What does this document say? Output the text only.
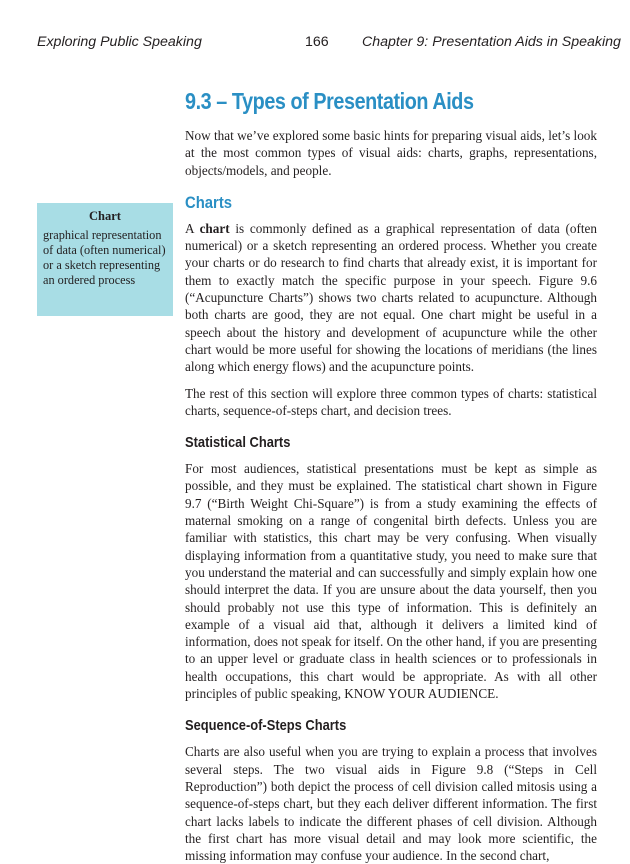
Exploring Public Speaking	166 Chapter 9: Presentation Aids in Speaking
Chart
graphical representation of data (often numerical) or a sketch representing an ordered process
9.3 – Types of Presentation Aids

Now that we’ve explored some basic hints for preparing visual aids, let’s look at the most common types of visual aids: charts, graphs, representations, objects/models, and people.

Charts

A chart is commonly defined as a graphical representation of data (often numerical) or a sketch representing an ordered process. Whether you create your charts or do research to find charts that already exist, it is important for them to exactly match the specific purpose in your speech. Figure 9.6 (“Acupuncture Charts”) shows two charts related to acupuncture. Although both charts are good, they are not equal. One chart might be useful in a speech about the history and development of acupuncture while the other chart would be more useful for showing the locations of meridians (the lines along which energy flows) and the acupuncture points.

The rest of this section will explore three common types of charts: statistical charts, sequence-of-steps chart, and decision trees.

Statistical Charts

For most audiences, statistical presentations must be kept as simple as possible, and they must be explained. The statistical chart shown in Figure 9.7 (“Birth Weight Chi-Square”) is from a study examining the effects of maternal smoking on a range of congenital birth defects. Unless you are familiar with statistics, this chart may be very confusing. When visually displaying information from a quantitative study, you need to make sure that you understand the material and can successfully and simply explain how one should interpret the data. If you are unsure about the data yourself, then you should probably not use this type of information. This is definitely an example of a visual aid that, although it delivers a limited kind of information, does not speak for itself. On the other hand, if you are presenting to an upper level or graduate class in health sciences or to professionals in health occupations, this chart would be appropriate. As with all other principles of public speaking, KNOW YOUR AUDIENCE.

Sequence-of-Steps Charts

Charts are also useful when you are trying to explain a process that involves several steps. The two visual aids in Figure 9.8 (“Steps in Cell Reproduction”) both depict the process of cell division called mitosis using a sequence-of-steps chart, but they each deliver different information. The first chart lacks labels to indicate the different phases of cell division. Although the first chart has more visual detail and may look more scientific, the missing information may confuse your audience. In the second chart,
